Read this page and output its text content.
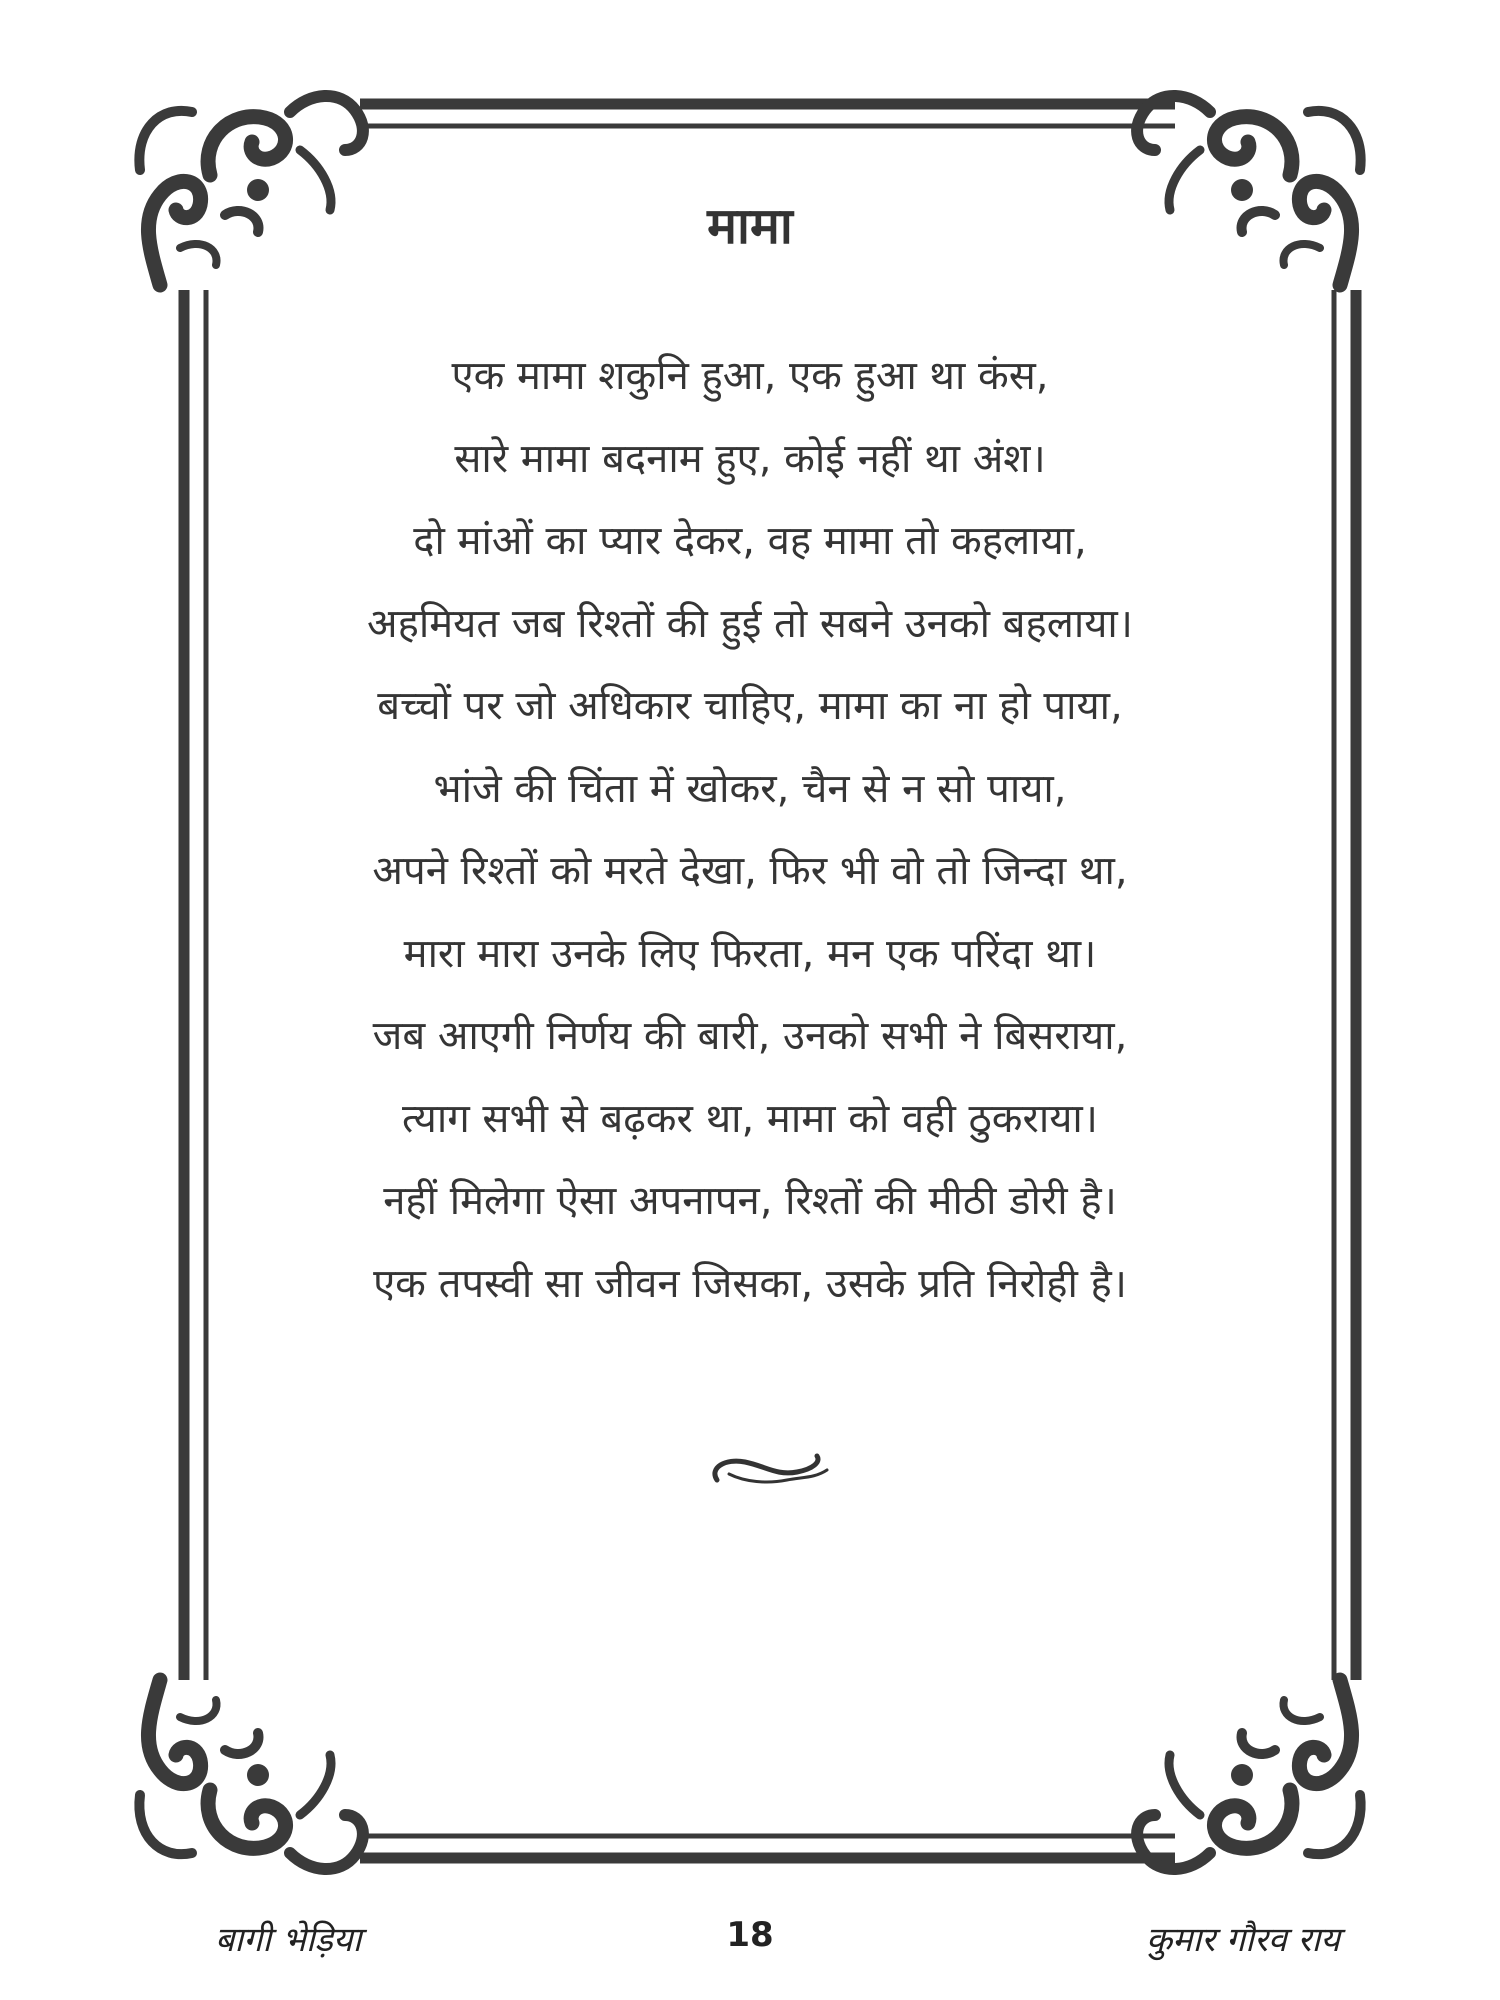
मामा
एक मामा शकुनि हुआ, एक हुआ था कंस,
सारे मामा बदनाम हुए, कोई नहीं था अंश।
दो मांओं का प्यार देकर, वह मामा तो कहलाया,
अहमियत जब रिश्तों की हुई तो सबने उनको बहलाया।
बच्चों पर जो अधिकार चाहिए, मामा का ना हो पाया,
भांजे की चिंता में खोकर, चैन से न सो पाया,
अपने रिश्तों को मरते देखा, फिर भी वो तो जिन्दा था,
मारा मारा उनके लिए फिरता, मन एक परिंदा था।
जब आएगी निर्णय की बारी, उनको सभी ने बिसराया,
त्याग सभी से बढ़कर था, मामा को वही ठुकराया।
नहीं मिलेगा ऐसा अपनापन, रिश्तों की मीठी डोरी है।
एक तपस्वी सा जीवन जिसका, उसके प्रति निरोही है।
बागी भेड़िया	18	कुमार गौरव राय
